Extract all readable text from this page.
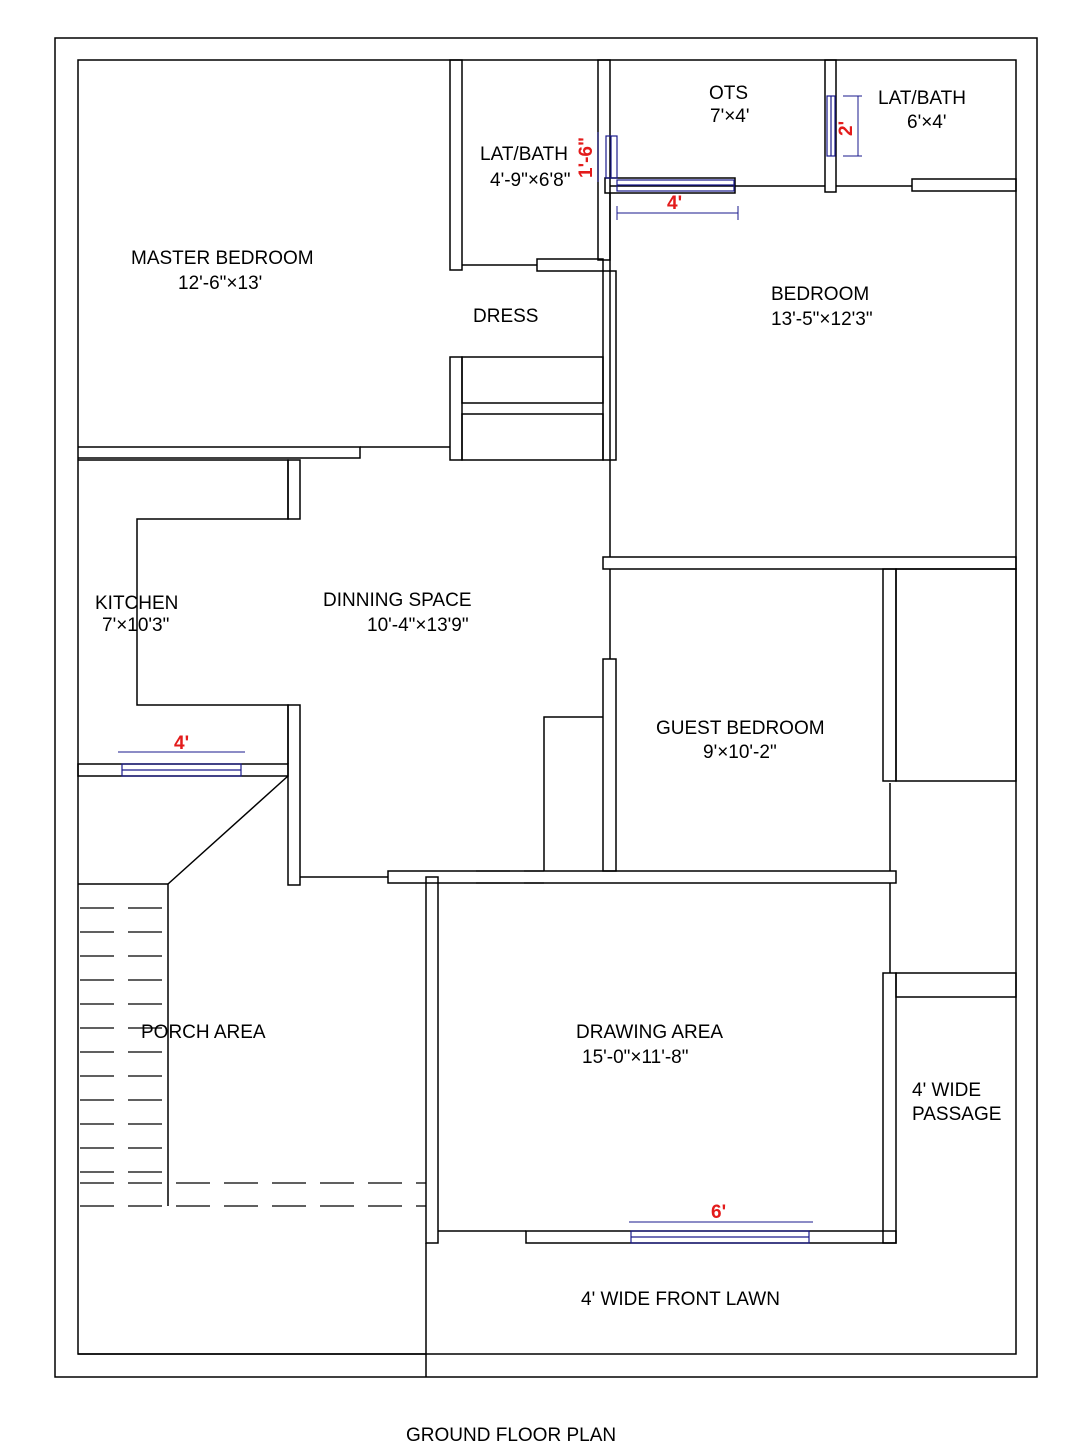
MASTER BEDROOM
12'-6"×13'
LAT/BATH
4'-9"×6'8"
OTS
7'×4'
LAT/BATH
6'×4'
BEDROOM
13'-5"×12'3"
DRESS
KITCHEN
7'×10'3"
DINNING SPACE
10'-4"×13'9"
GUEST BEDROOM
9'×10'-2"
PORCH AREA	DRAWING AREA
15'-0"×11'-8"
4' WIDE
PASSAGE
4' WIDE FRONT LAWN
4'
1'-6"
2'
4'
6'
GROUND FLOOR PLAN
